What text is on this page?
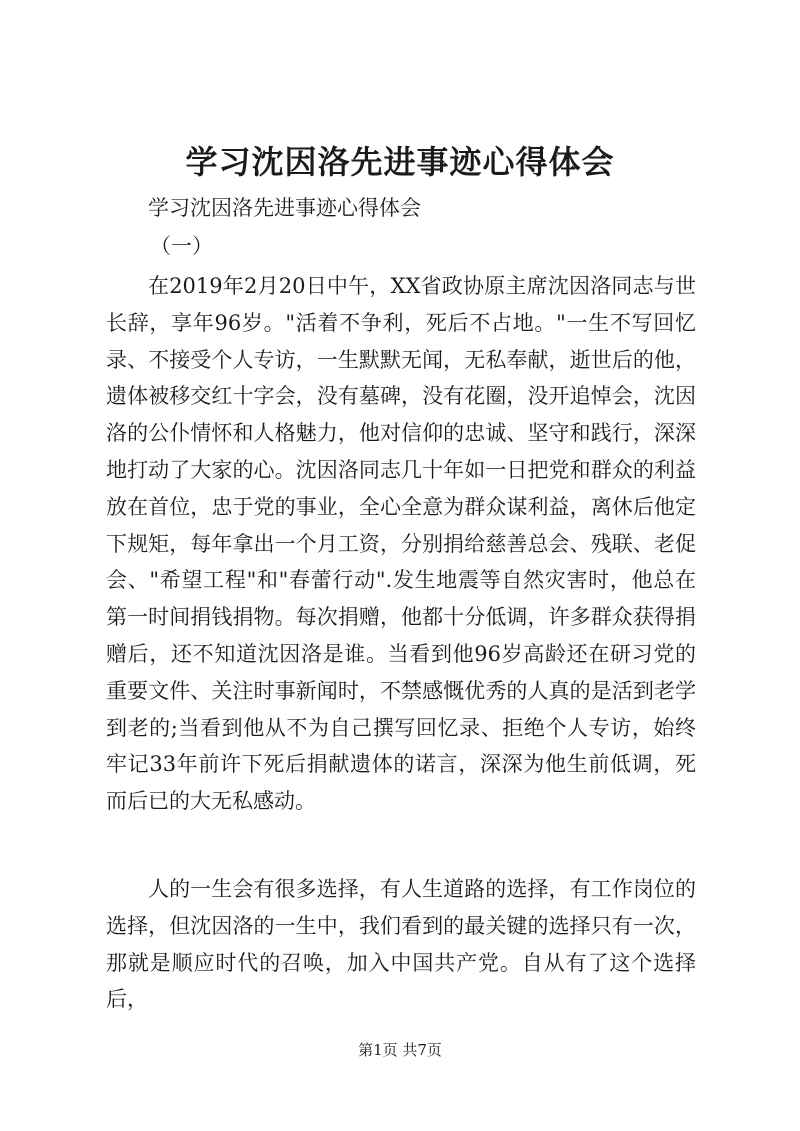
学习沈因洛先进事迹心得体会
学习沈因洛先进事迹心得体会
（一）

在2019年2月20日中午，XX省政协原主席沈因洛同志与世长辞，享年96岁。"活着不争利，死后不占地。"一生不写回忆录、不接受个人专访，一生默默无闻，无私奉献，逝世后的他，遗体被移交红十字会，没有墓碑，没有花圈，没开追悼会，沈因洛的公仆情怀和人格魅力，他对信仰的忠诚、坚守和践行，深深地打动了大家的心。沈因洛同志几十年如一日把党和群众的利益放在首位，忠于党的事业，全心全意为群众谋利益，离休后他定下规矩，每年拿出一个月工资，分别捐给慈善总会、残联、老促会、"希望工程"和"春蕾行动".发生地震等自然灾害时，他总在第一时间捐钱捐物。每次捐赠，他都十分低调，许多群众获得捐赠后，还不知道沈因洛是谁。当看到他96岁高龄还在研习党的重要文件、关注时事新闻时，不禁感慨优秀的人真的是活到老学到老的;当看到他从不为自己撰写回忆录、拒绝个人专访，始终牢记33年前许下死后捐献遗体的诺言，深深为他生前低调，死而后已的大无私感动。

人的一生会有很多选择，有人生道路的选择，有工作岗位的选择，但沈因洛的一生中，我们看到的最关键的选择只有一次，那就是顺应时代的召唤，加入中国共产党。自从有了这个选择后，

第1页 共7页
